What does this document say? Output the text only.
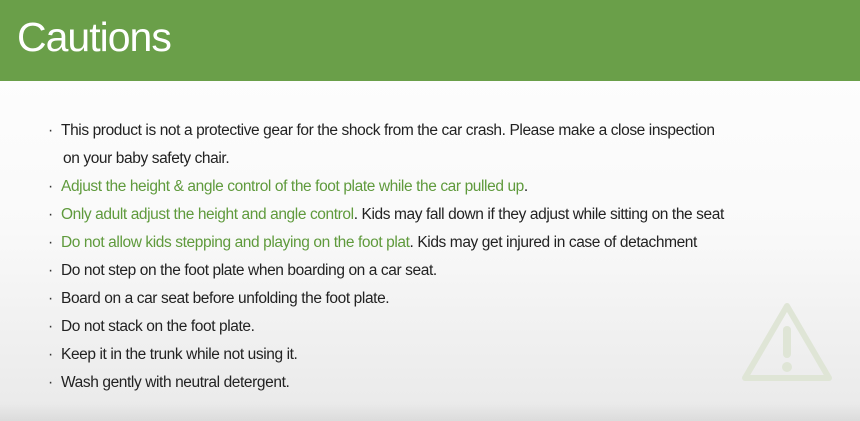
Cautions
· This product is not a protective gear for the shock from the car crash. Please make a close inspection
on your baby safety chair.
· Adjust the height & angle control of the foot plate while the car pulled up.
· Only adult adjust the height and angle control. Kids may fall down if they adjust while sitting on the seat
· Do not allow kids stepping and playing on the foot plat. Kids may get injured in case of detachment
· Do not step on the foot plate when boarding on a car seat.
· Board on a car seat before unfolding the foot plate.
· Do not stack on the foot plate.
· Keep it in the trunk while not using it.
· Wash gently with neutral detergent.
